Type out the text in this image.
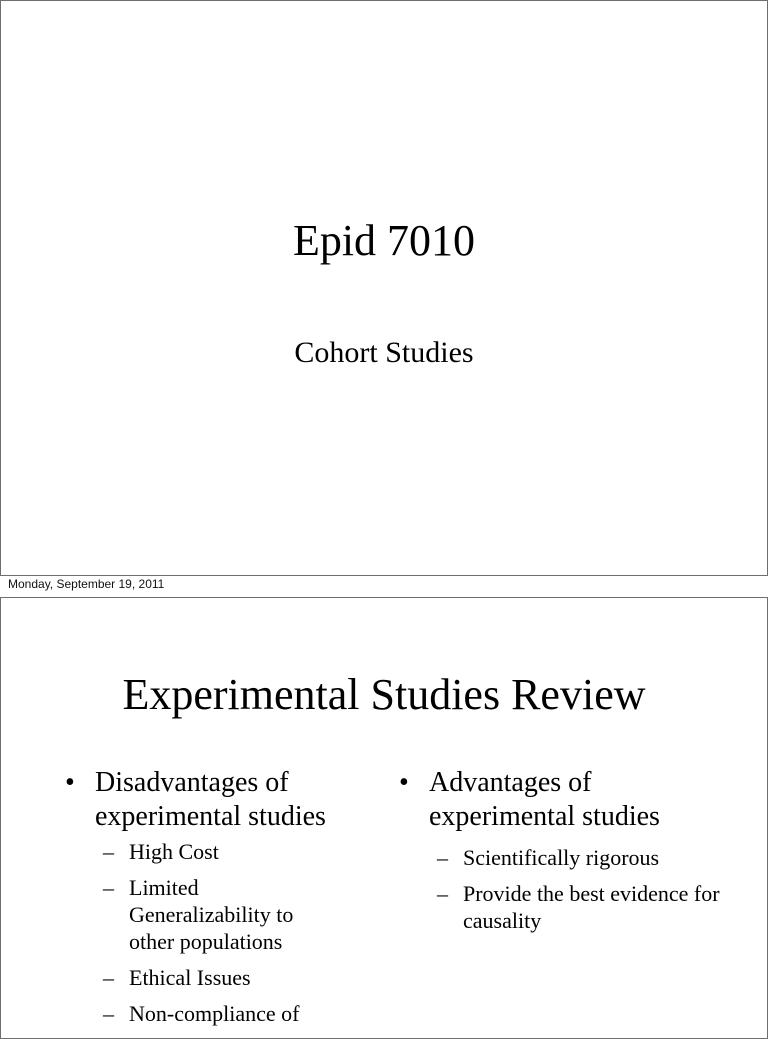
Epid 7010
Cohort Studies
Monday, September 19, 2011
Experimental Studies Review
• Disadvantages of experimental studies
– High Cost
– Limited Generalizability to other populations
– Ethical Issues
– Non-compliance of
• Advantages of experimental studies
– Scientifically rigorous
– Provide the best evidence for causality
